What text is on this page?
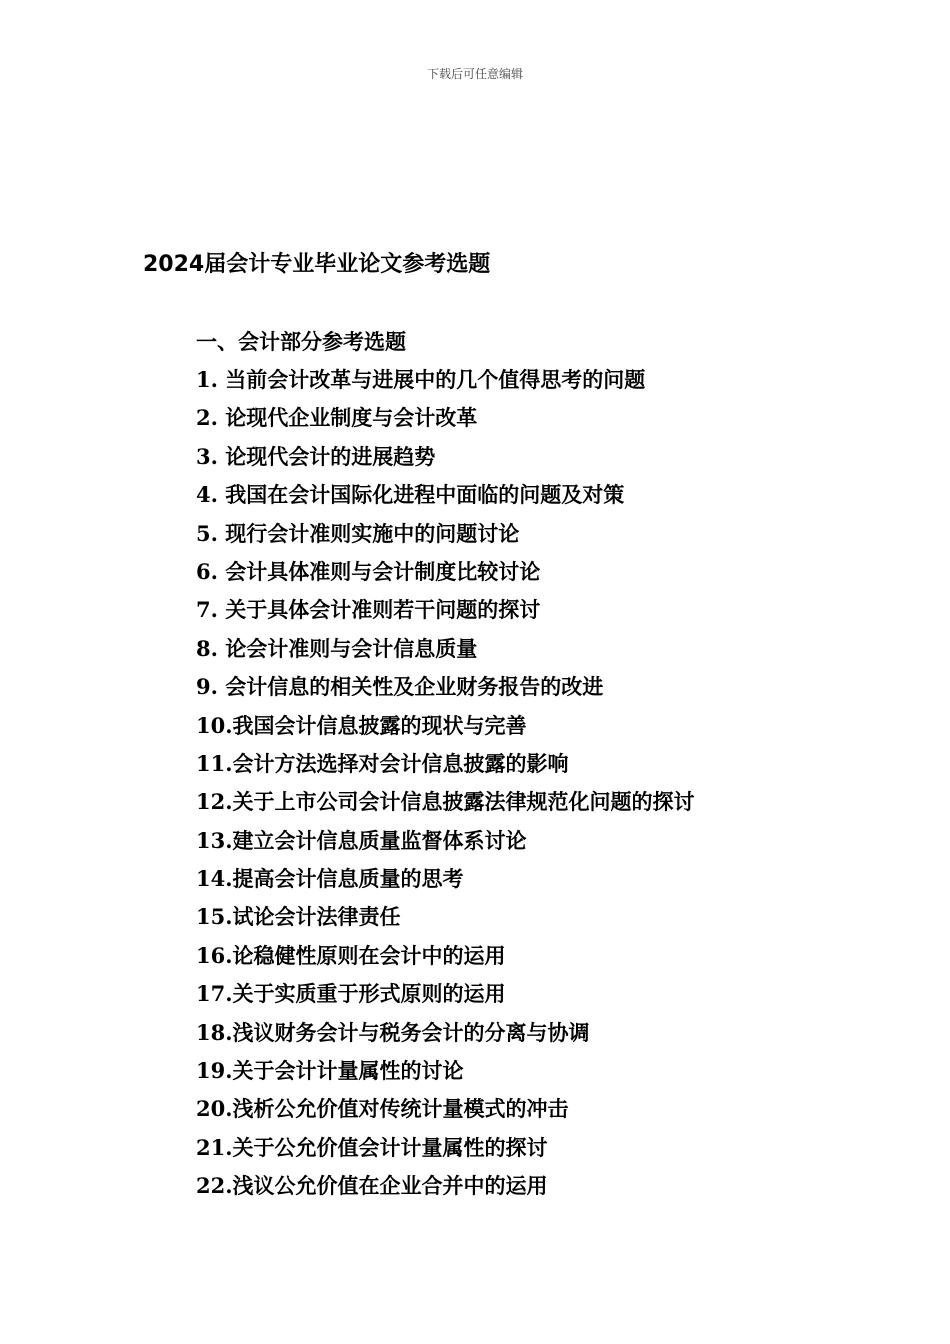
下载后可任意编辑
2024届会计专业毕业论文参考选题
一、会计部分参考选题
1. 当前会计改革与进展中的几个值得思考的问题
2. 论现代企业制度与会计改革
3. 论现代会计的进展趋势
4. 我国在会计国际化进程中面临的问题及对策
5. 现行会计准则实施中的问题讨论
6. 会计具体准则与会计制度比较讨论
7. 关于具体会计准则若干问题的探讨
8. 论会计准则与会计信息质量
9. 会计信息的相关性及企业财务报告的改进
10.我国会计信息披露的现状与完善
11.会计方法选择对会计信息披露的影响
12.关于上市公司会计信息披露法律规范化问题的探讨
13.建立会计信息质量监督体系讨论
14.提高会计信息质量的思考
15.试论会计法律责任
16.论稳健性原则在会计中的运用
17.关于实质重于形式原则的运用
18.浅议财务会计与税务会计的分离与协调
19.关于会计计量属性的讨论
20.浅析公允价值对传统计量模式的冲击
21.关于公允价值会计计量属性的探讨
22.浅议公允价值在企业合并中的运用
